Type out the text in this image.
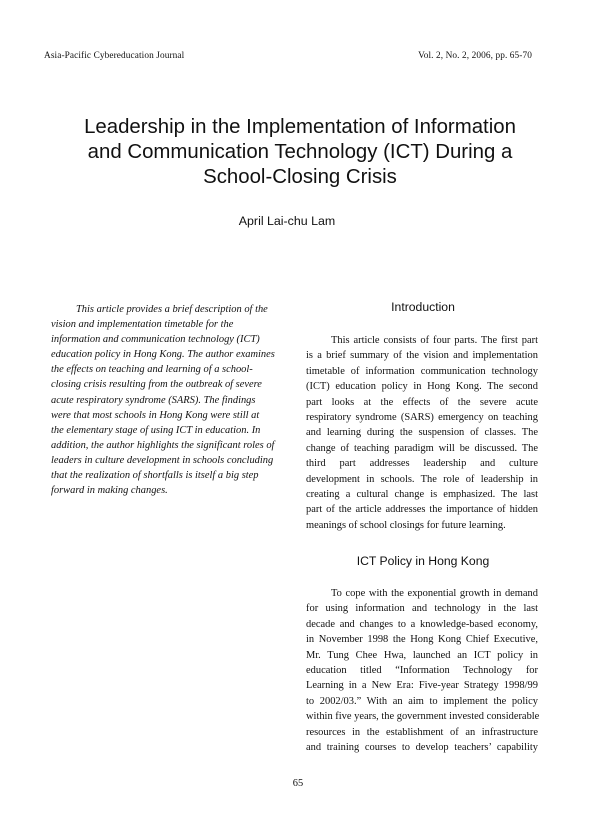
Asia-Pacific Cybereducation Journal	Vol. 2, No. 2, 2006, pp. 65-70
Leadership in the Implementation of Information
and Communication Technology (ICT) During a
School-Closing Crisis
April Lai-chu Lam
This article provides a brief description of the
vision and implementation timetable for the
information and communication technology (ICT)
education policy in Hong Kong. The author examines
the effects on teaching and learning of a school-
closing crisis resulting from the outbreak of severe
acute respiratory syndrome (SARS). The findings
were that most schools in Hong Kong were still at
the elementary stage of using ICT in education. In
addition, the author highlights the significant roles of
leaders in culture development in schools concluding
that the realization of shortfalls is itself a big step
forward in making changes.
Introduction
This article consists of four parts. The first part
is a brief summary of the vision and implementation
timetable of information communication technology
(ICT) education policy in Hong Kong. The second
part looks at the effects of the severe acute
respiratory syndrome (SARS) emergency on teaching
and learning during the suspension of classes. The
change of teaching paradigm will be discussed. The
third part addresses leadership and culture
development in schools. The role of leadership in
creating a cultural change is emphasized. The last
part of the article addresses the importance of hidden
meanings of school closings for future learning.
ICT Policy in Hong Kong
To cope with the exponential growth in demand
for using information and technology in the last
decade and changes to a knowledge-based economy,
in November 1998 the Hong Kong Chief Executive,
Mr. Tung Chee Hwa, launched an ICT policy in
education titled “Information Technology for
Learning in a New Era: Five-year Strategy 1998/99
to 2002/03.” With an aim to implement the policy
within five years, the government invested considerable
resources in the establishment of an infrastructure
and training courses to develop teachers’ capability
65
